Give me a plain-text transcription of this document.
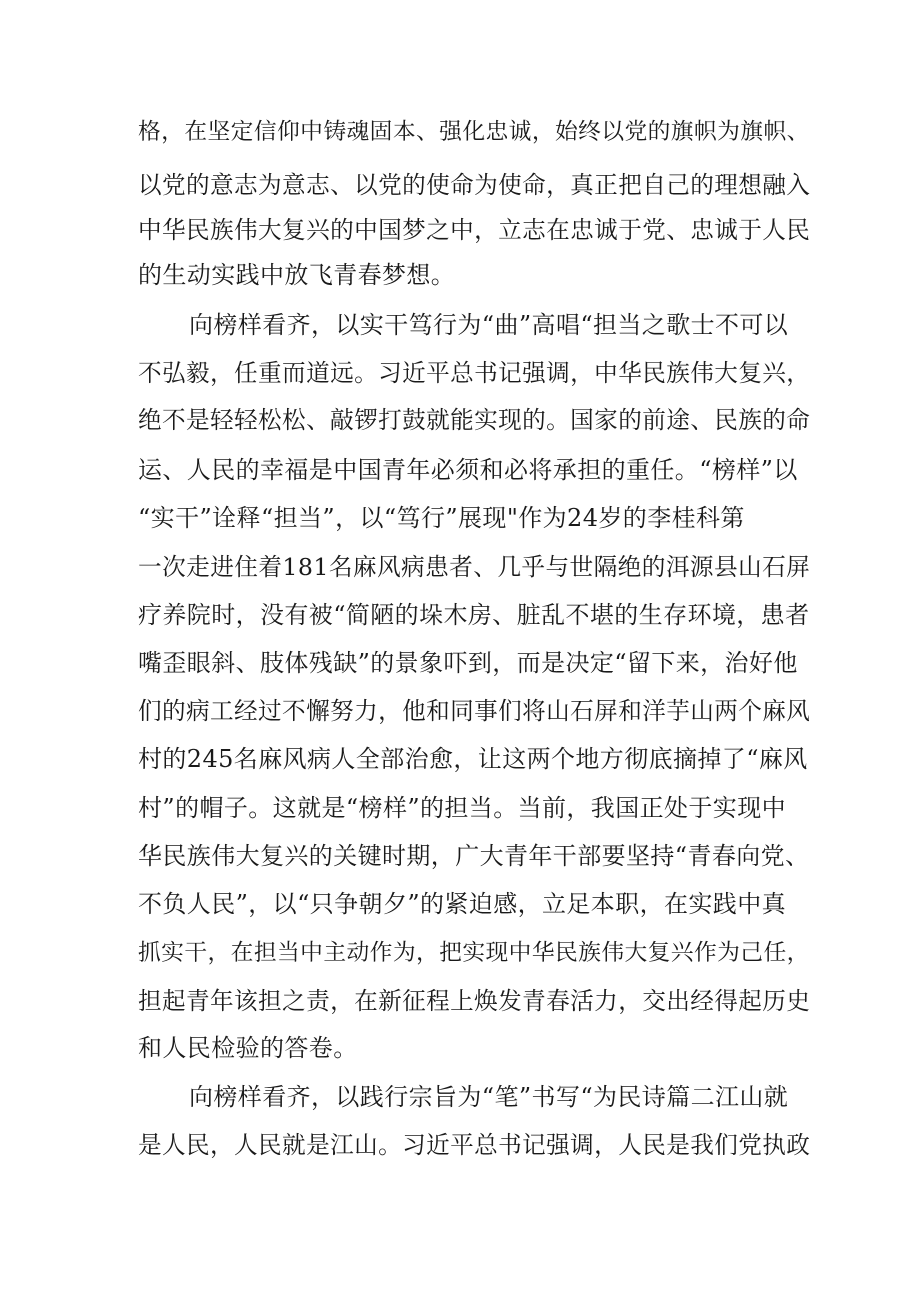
格，在坚定信仰中铸魂固本、强化忠诚，始终以党的旗帜为旗帜、
以党的意志为意志、以党的使命为使命，真正把自己的理想融入
中华民族伟大复兴的中国梦之中，立志在忠诚于党、忠诚于人民
的生动实践中放飞青春梦想。
向榜样看齐，以实干笃行为“曲”高唱“担当之歌士不可以
不弘毅，任重而道远。习近平总书记强调，中华民族伟大复兴，
绝不是轻轻松松、敲锣打鼓就能实现的。国家的前途、民族的命
运、人民的幸福是中国青年必须和必将承担的重任。“榜样”以
“实干”诠释“担当”，以“笃行”展现"作为24岁的李桂科第
一次走进住着181名麻风病患者、几乎与世隔绝的洱源县山石屏
疗养院时，没有被“简陋的垛木房、脏乱不堪的生存环境，患者
嘴歪眼斜、肢体残缺”的景象吓到，而是决定“留下来，治好他
们的病工经过不懈努力，他和同事们将山石屏和洋芋山两个麻风
村的245名麻风病人全部治愈，让这两个地方彻底摘掉了“麻风
村”的帽子。这就是“榜样”的担当。当前，我国正处于实现中
华民族伟大复兴的关键时期，广大青年干部要坚持“青春向党、
不负人民”，以“只争朝夕”的紧迫感，立足本职，在实践中真
抓实干，在担当中主动作为，把实现中华民族伟大复兴作为己任，
担起青年该担之责，在新征程上焕发青春活力，交出经得起历史
和人民检验的答卷。
向榜样看齐，以践行宗旨为“笔”书写“为民诗篇二江山就
是人民，人民就是江山。习近平总书记强调，人民是我们党执政
